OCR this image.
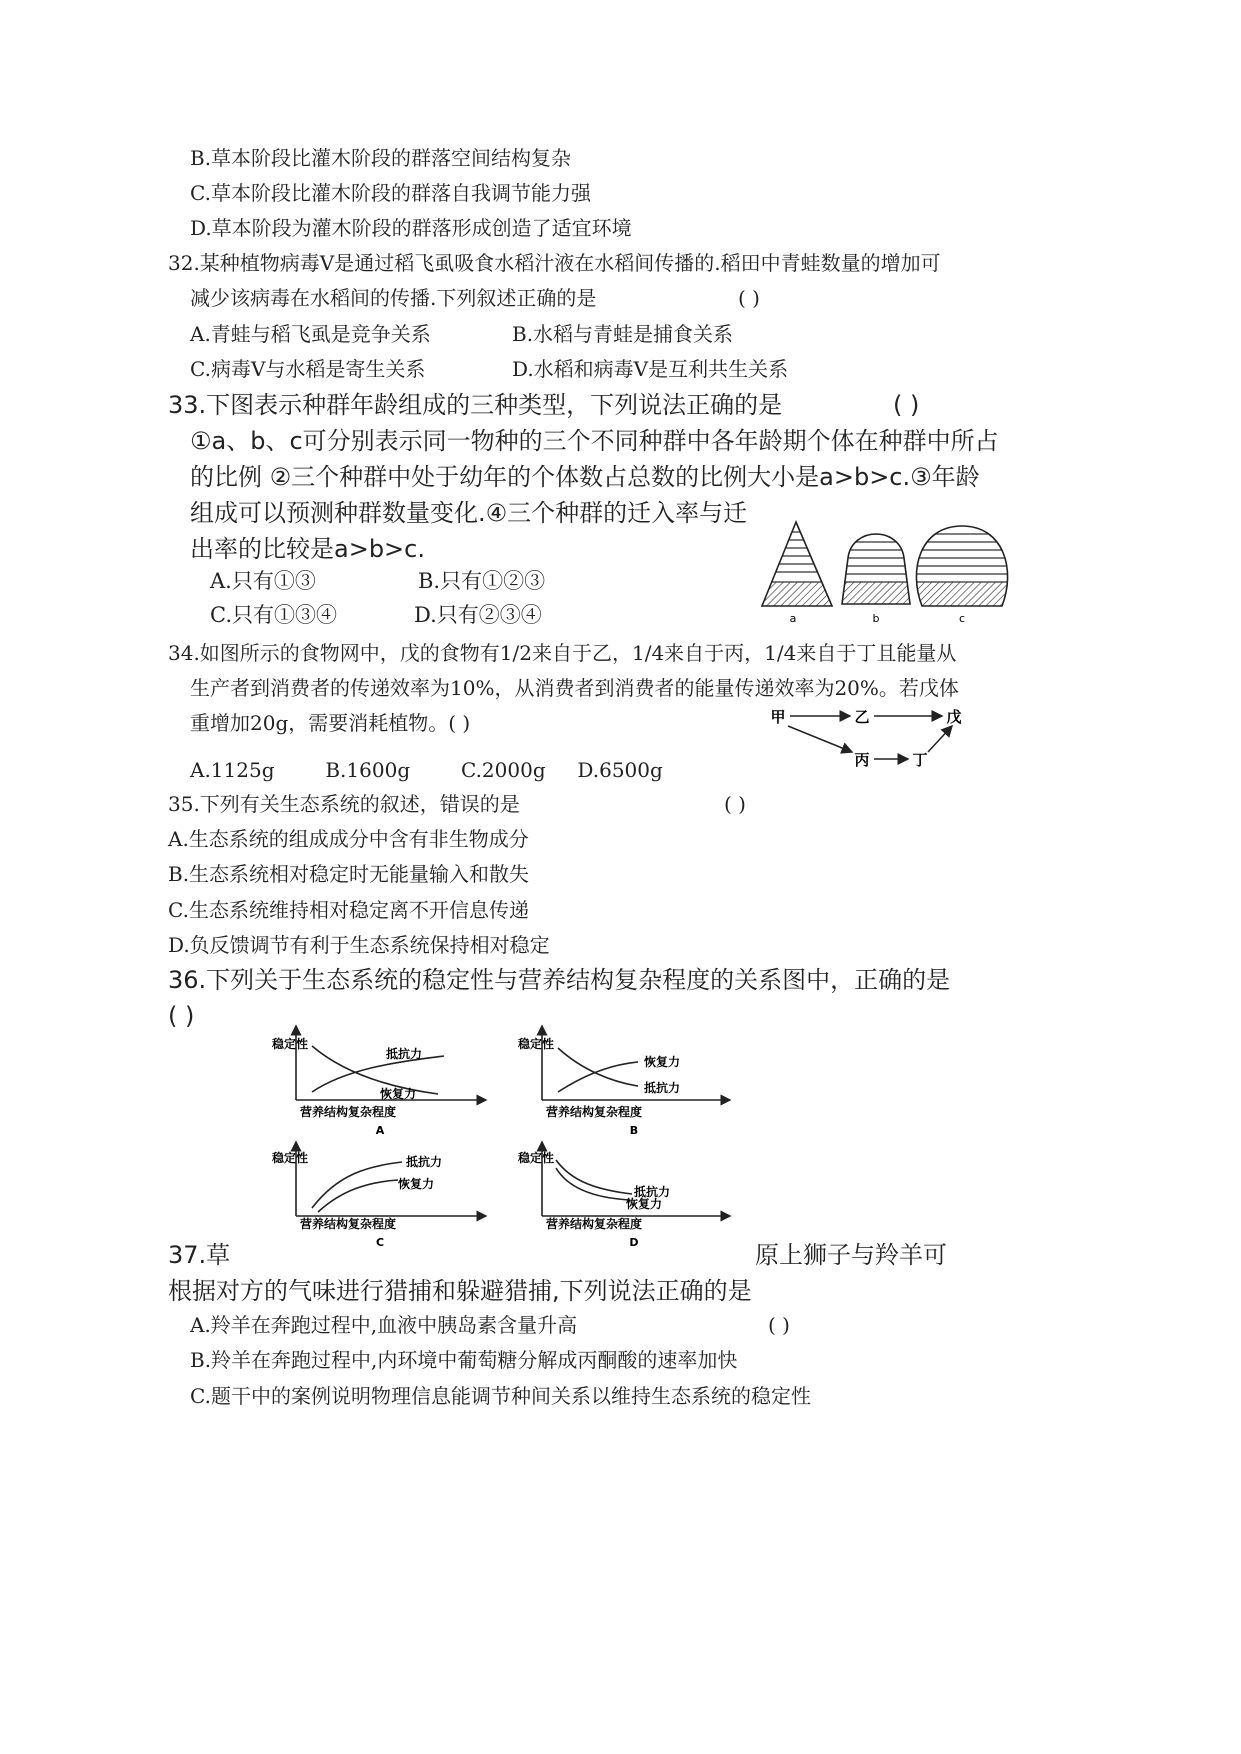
B.草本阶段比灌木阶段的群落空间结构复杂
C.草本阶段比灌木阶段的群落自我调节能力强
D.草本阶段为灌木阶段的群落形成创造了适宜环境
32.某种植物病毒V是通过稻飞虱吸食水稻汁液在水稻间传播的.稻田中青蛙数量的增加可
减少该病毒在水稻间的传播.下列叙述正确的是	( )
A.青蛙与稻飞虱是竞争关系	B.水稻与青蛙是捕食关系
C.病毒V与水稻是寄生关系	D.水稻和病毒V是互利共生关系
33.下图表示种群年龄组成的三种类型，下列说法正确的是	( )
①a、b、c可分别表示同一物种的三个不同种群中各年龄期个体在种群中所占
的比例 ②三个种群中处于幼年的个体数占总数的比例大小是a>b>c.③年龄
组成可以预测种群数量变化.④三个种群的迁入率与迁
出率的比较是a>b>c.
A.只有①③	B.只有①②③
C.只有①③④	D.只有②③④	a	b	c
34.如图所示的食物网中，戊的食物有1/2来自于乙，1/4来自于丙，1/4来自于丁且能量从
生产者到消费者的传递效率为10%，从消费者到消费者的能量传递效率为20%。若戊体
重增加20g，需要消耗植物。( )
A.1125g        B.1600g        C.2000g     D.6500g
甲	乙	戊
丙	丁
35.下列有关生态系统的叙述，错误的是	( )
A.生态系统的组成成分中含有非生物成分
B.生态系统相对稳定时无能量输入和散失
C.生态系统维持相对稳定离不开信息传递
D.负反馈调节有利于生态系统保持相对稳定
36.下列关于生态系统的稳定性与营养结构复杂程度的关系图中，正确的是
( )
稳定性
抵抗力
恢复力
营养结构复杂程度
A
稳定性
恢复力
抵抗力
营养结构复杂程度
B
稳定性	抵抗力
恢复力
营养结构复杂程度
C
稳定性
抵抗力
恢复力
营养结构复杂程度
D
37.草	原上狮子与羚羊可
根据对方的气味进行猎捕和躲避猎捕,下列说法正确的是
A.羚羊在奔跑过程中,血液中胰岛素含量升高	( )
B.羚羊在奔跑过程中,内环境中葡萄糖分解成丙酮酸的速率加快
C.题干中的案例说明物理信息能调节种间关系以维持生态系统的稳定性
